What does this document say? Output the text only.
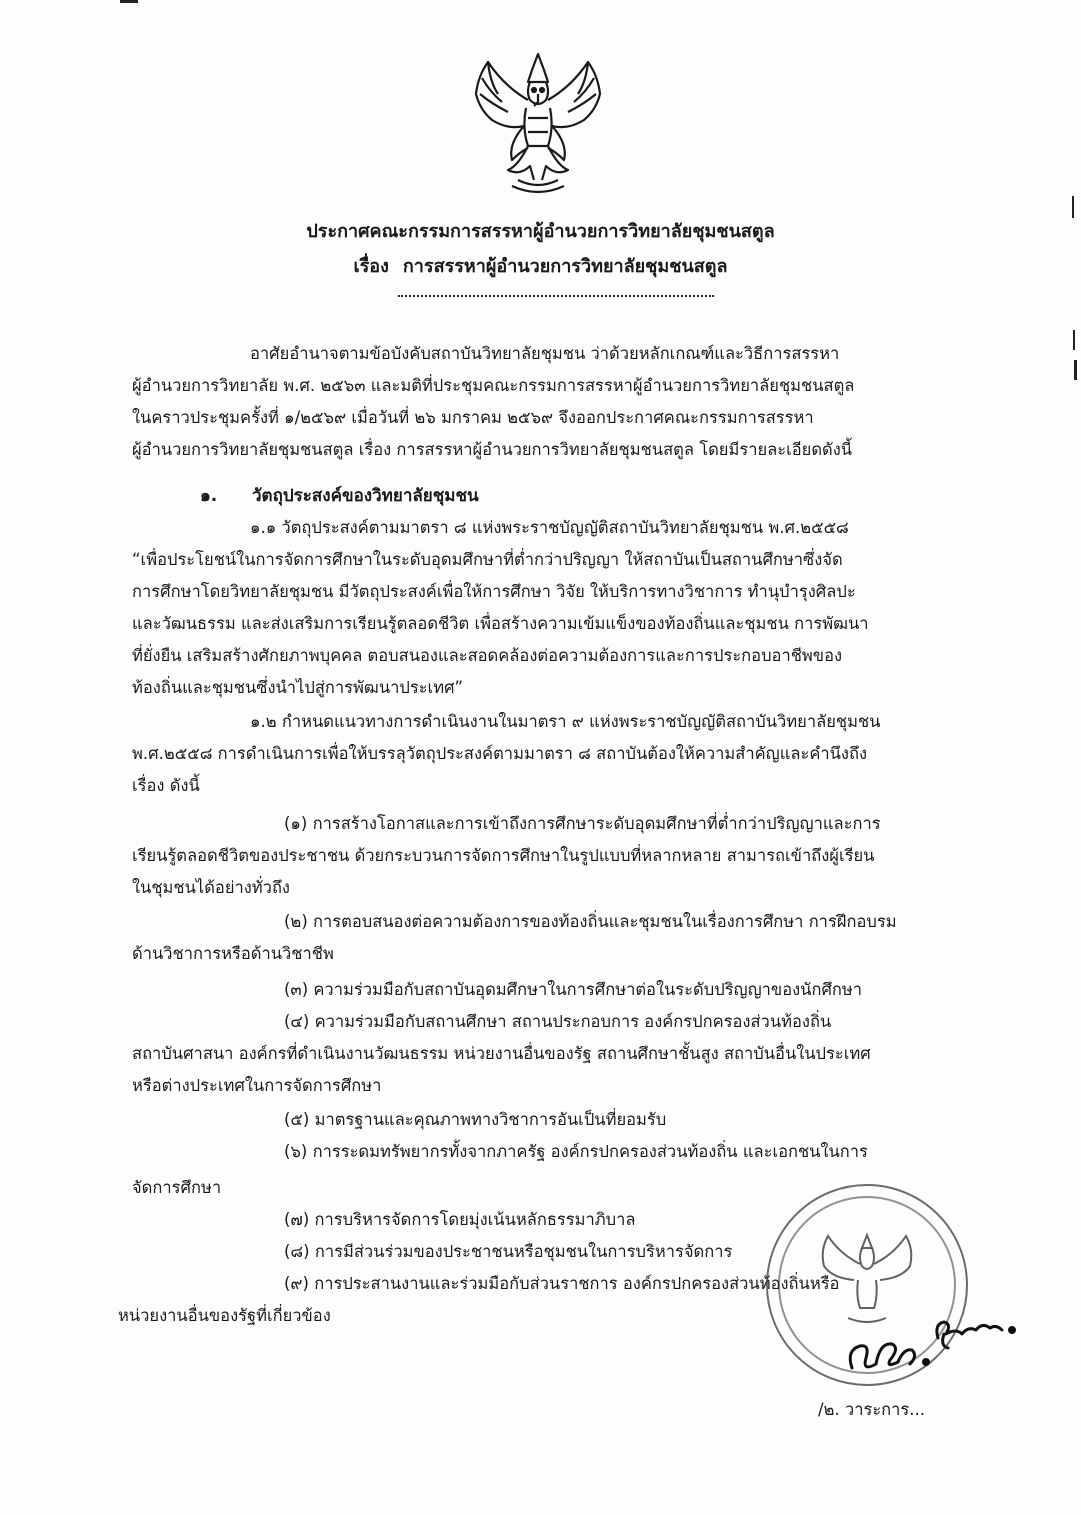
ประกาศคณะกรรมการสรรหาผู้อำนวยการวิทยาลัยชุมชนสตูล
เรื่อง การสรรหาผู้อำนวยการวิทยาลัยชุมชนสตูล
อาศัยอำนาจตามข้อบังคับสถาบันวิทยาลัยชุมชน ว่าด้วยหลักเกณฑ์และวิธีการสรรหา
ผู้อำนวยการวิทยาลัย พ.ศ. ๒๕๖๓ และมติที่ประชุมคณะกรรมการสรรหาผู้อำนวยการวิทยาลัยชุมชนสตูล
ในคราวประชุมครั้งที่ ๑/๒๕๖๙ เมื่อวันที่ ๒๖ มกราคม ๒๕๖๙ จึงออกประกาศคณะกรรมการสรรหา
ผู้อำนวยการวิทยาลัยชุมชนสตูล เรื่อง การสรรหาผู้อำนวยการวิทยาลัยชุมชนสตูล โดยมีรายละเอียดดังนี้
๑. วัตถุประสงค์ของวิทยาลัยชุมชน
๑.๑ วัตถุประสงค์ตามมาตรา ๘ แห่งพระราชบัญญัติสถาบันวิทยาลัยชุมชน พ.ศ.๒๕๕๘
“เพื่อประโยชน์ในการจัดการศึกษาในระดับอุดมศึกษาที่ต่ำกว่าปริญญา ให้สถาบันเป็นสถานศึกษาซึ่งจัด
การศึกษาโดยวิทยาลัยชุมชน มีวัตถุประสงค์เพื่อให้การศึกษา วิจัย ให้บริการทางวิชาการ ทำนุบำรุงศิลปะ
และวัฒนธรรม และส่งเสริมการเรียนรู้ตลอดชีวิต เพื่อสร้างความเข้มแข็งของท้องถิ่นและชุมชน การพัฒนา
ที่ยั่งยืน เสริมสร้างศักยภาพบุคคล ตอบสนองและสอดคล้องต่อความต้องการและการประกอบอาชีพของ
ท้องถิ่นและชุมชนซึ่งนำไปสู่การพัฒนาประเทศ”
๑.๒ กำหนดแนวทางการดำเนินงานในมาตรา ๙ แห่งพระราชบัญญัติสถาบันวิทยาลัยชุมชน
พ.ศ.๒๕๕๘ การดำเนินการเพื่อให้บรรลุวัตถุประสงค์ตามมาตรา ๘ สถาบันต้องให้ความสำคัญและคำนึงถึง
เรื่อง ดังนี้
(๑) การสร้างโอกาสและการเข้าถึงการศึกษาระดับอุดมศึกษาที่ต่ำกว่าปริญญาและการ
เรียนรู้ตลอดชีวิตของประชาชน ด้วยกระบวนการจัดการศึกษาในรูปแบบที่หลากหลาย สามารถเข้าถึงผู้เรียน
ในชุมชนได้อย่างทั่วถึง
(๒) การตอบสนองต่อความต้องการของท้องถิ่นและชุมชนในเรื่องการศึกษา การฝึกอบรม
ด้านวิชาการหรือด้านวิชาชีพ
(๓) ความร่วมมือกับสถาบันอุดมศึกษาในการศึกษาต่อในระดับปริญญาของนักศึกษา
(๔) ความร่วมมือกับสถานศึกษา สถานประกอบการ องค์กรปกครองส่วนท้องถิ่น
สถาบันศาสนา องค์กรที่ดำเนินงานวัฒนธรรม หน่วยงานอื่นของรัฐ สถานศึกษาชั้นสูง สถาบันอื่นในประเทศ
หรือต่างประเทศในการจัดการศึกษา
(๕) มาตรฐานและคุณภาพทางวิชาการอันเป็นที่ยอมรับ
(๖) การระดมทรัพยากรทั้งจากภาครัฐ องค์กรปกครองส่วนท้องถิ่น และเอกชนในการ
จัดการศึกษา
(๗) การบริหารจัดการโดยมุ่งเน้นหลักธรรมาภิบาล
(๘) การมีส่วนร่วมของประชาชนหรือชุมชนในการบริหารจัดการ
(๙) การประสานงานและร่วมมือกับส่วนราชการ องค์กรปกครองส่วนท้องถิ่นหรือ
หน่วยงานอื่นของรัฐที่เกี่ยวข้อง
/๒. วาระการ...
